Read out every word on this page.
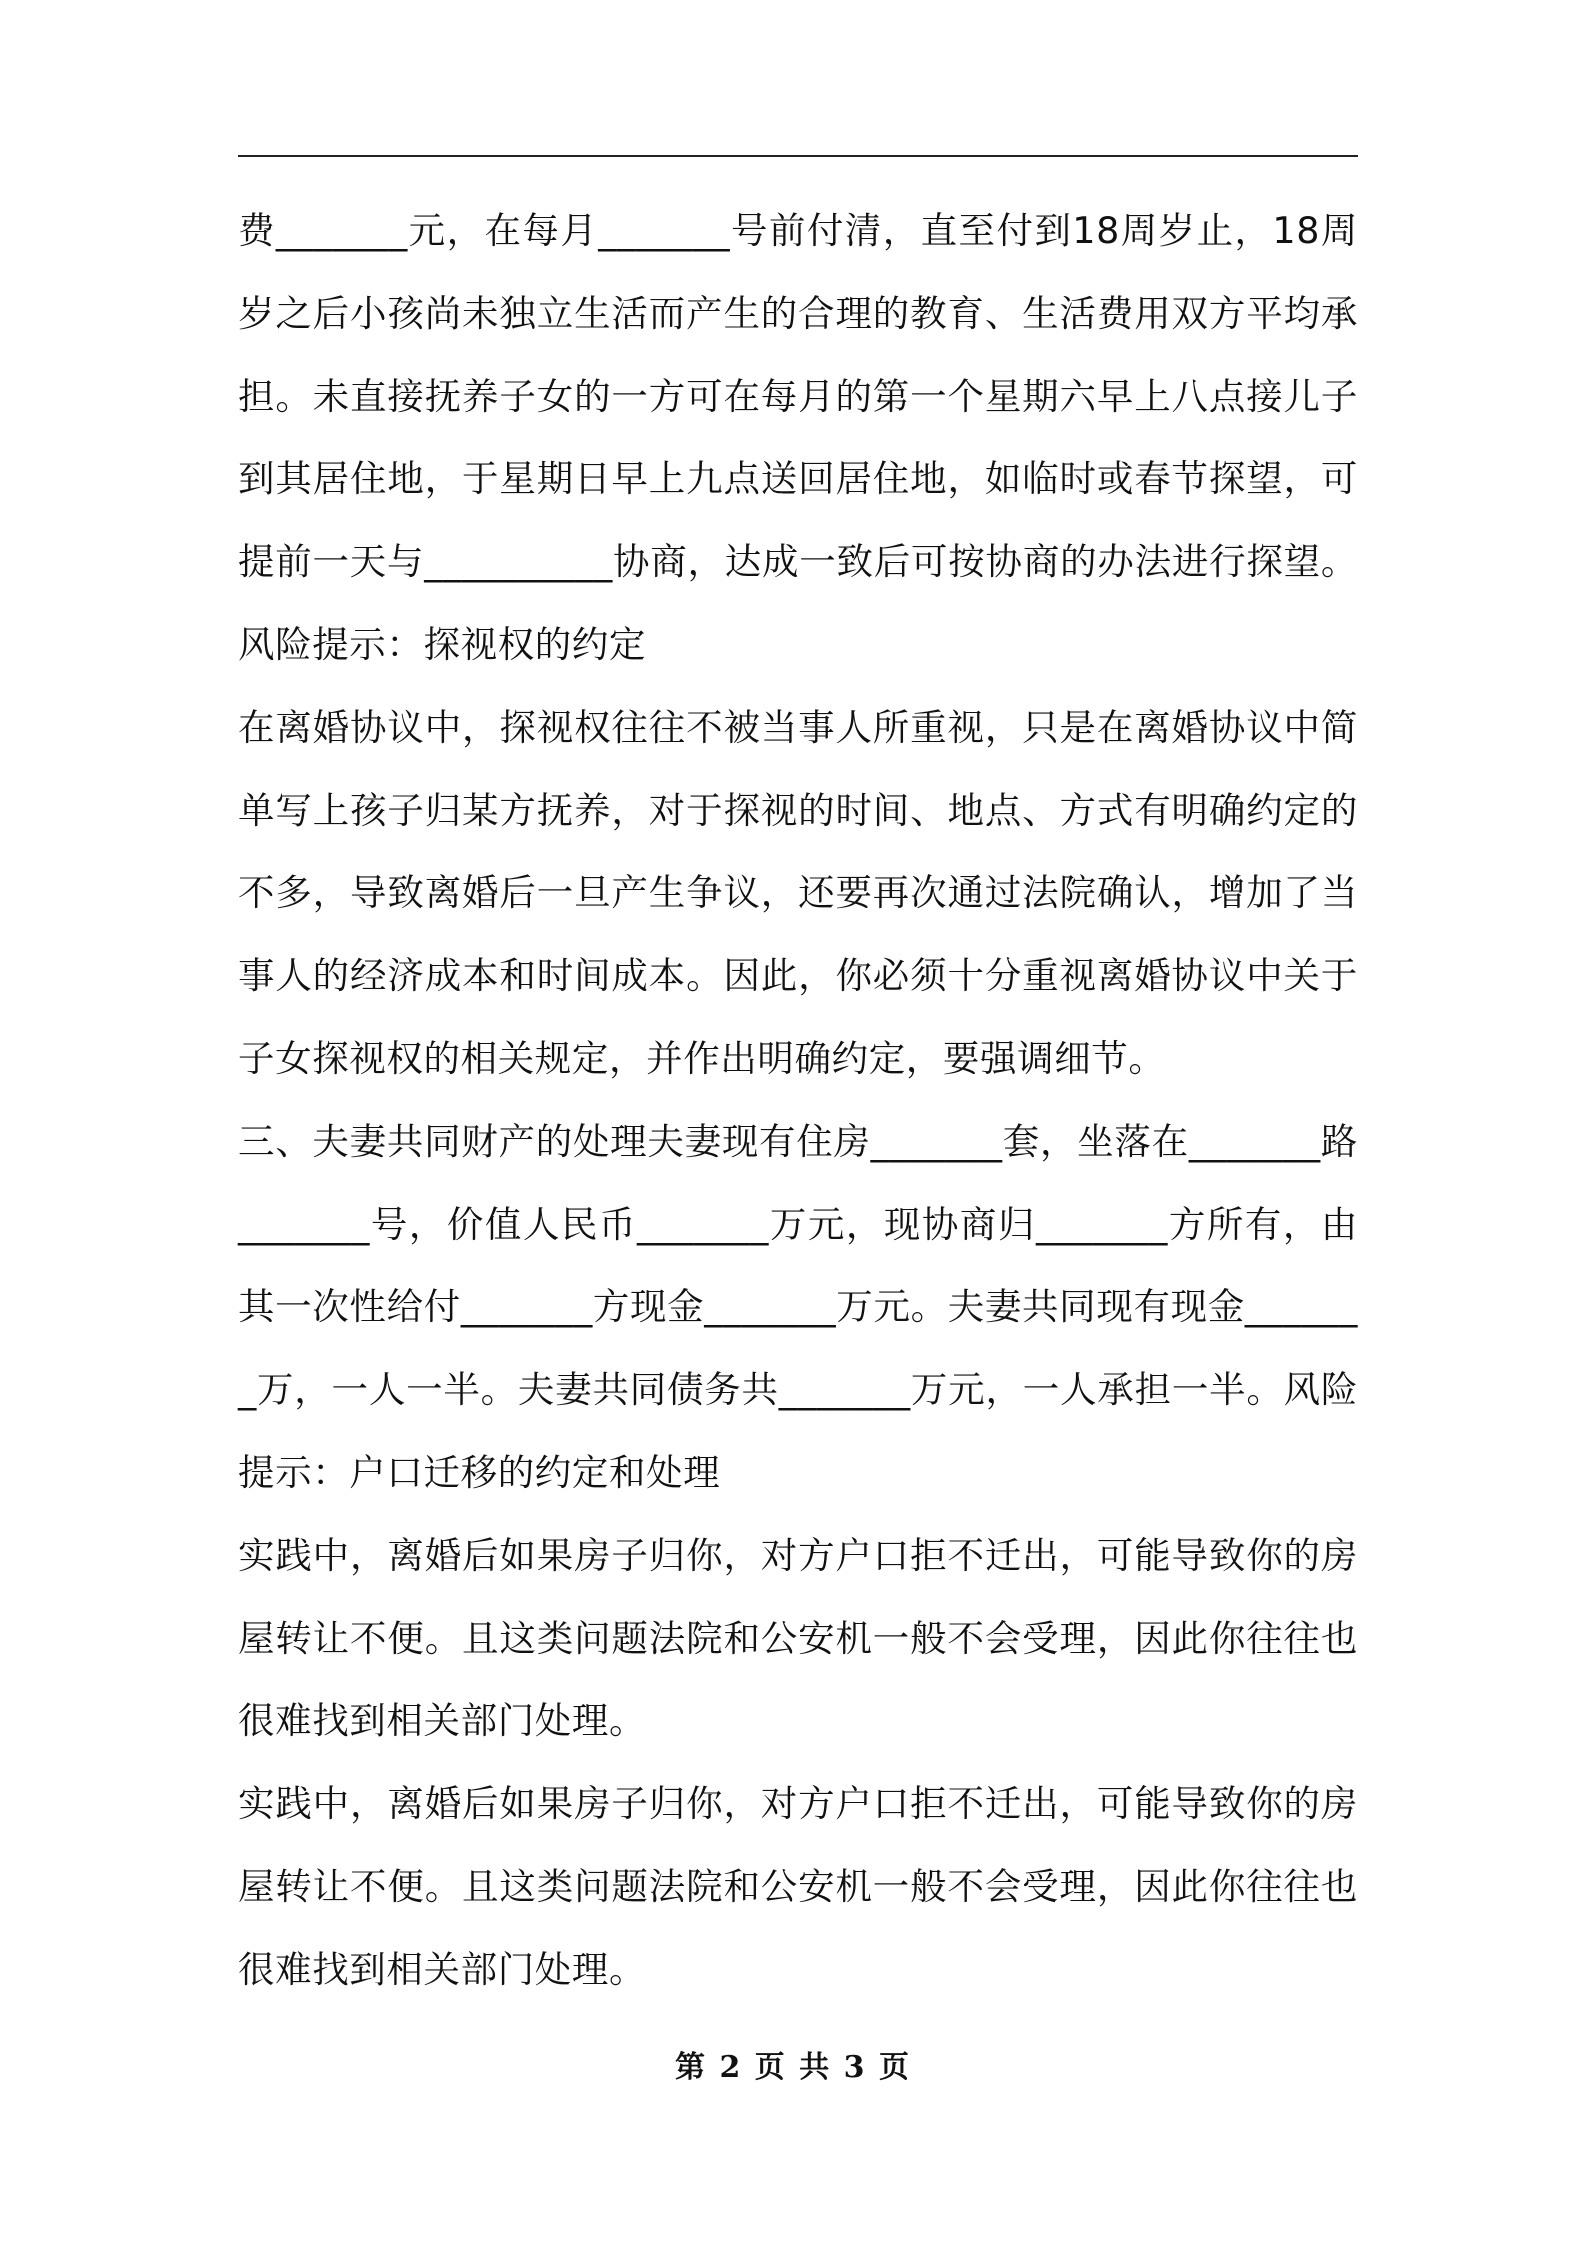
费_______元，在每月_______号前付清，直至付到18周岁止，18周岁之后小孩尚未独立生活而产生的合理的教育、生活费用双方平均承担。未直接抚养子女的一方可在每月的第一个星期六早上八点接儿子到其居住地，于星期日早上九点送回居住地，如临时或春节探望，可提前一天与__________协商，达成一致后可按协商的办法进行探望。风险提示：探视权的约定

在离婚协议中，探视权往往不被当事人所重视，只是在离婚协议中简单写上孩子归某方抚养，对于探视的时间、地点、方式有明确约定的不多，导致离婚后一旦产生争议，还要再次通过法院确认，增加了当事人的经济成本和时间成本。因此，你必须十分重视离婚协议中关于子女探视权的相关规定，并作出明确约定，要强调细节。

三、夫妻共同财产的处理夫妻现有住房_______套，坐落在_______路_______号，价值人民币_______万元，现协商归_______方所有，由其一次性给付_______方现金_______万元。夫妻共同现有现金_______万，一人一半。夫妻共同债务共_______万元，一人承担一半。风险提示：户口迁移的约定和处理

实践中，离婚后如果房子归你，对方户口拒不迁出，可能导致你的房屋转让不便。且这类问题法院和公安机一般不会受理，因此你往往也很难找到相关部门处理。

实践中，离婚后如果房子归你，对方户口拒不迁出，可能导致你的房屋转让不便。且这类问题法院和公安机一般不会受理，因此你往往也很难找到相关部门处理。

第 2 页 共 3 页
